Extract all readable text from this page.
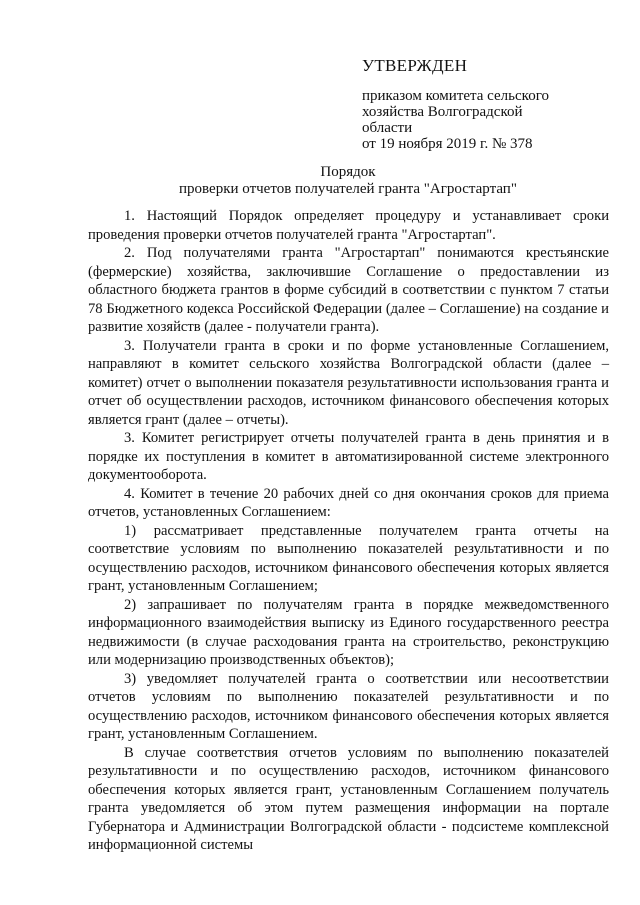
УТВЕРЖДЕН
приказом комитета сельского
хозяйства Волгоградской
области
от 19 ноября 2019 г. № 378
Порядок
проверки отчетов получателей гранта "Агростартап"

1. Настоящий Порядок определяет процедуру и устанавливает сроки проведения проверки отчетов получателей гранта "Агростартап".

2. Под получателями гранта "Агростартап" понимаются крестьянские (фермерские) хозяйства, заключившие Соглашение о предоставлении из областного бюджета грантов в форме субсидий в соответствии с пунктом 7 статьи 78 Бюджетного кодекса Российской Федерации (далее – Соглашение) на создание и развитие хозяйств (далее - получатели гранта).

3. Получатели гранта в сроки и по форме установленные Соглашением, направляют в комитет сельского хозяйства Волгоградской области (далее – комитет) отчет о выполнении показателя результативности использования гранта и отчет об осуществлении расходов, источником финансового обеспечения которых является грант (далее – отчеты).

3. Комитет регистрирует отчеты получателей гранта в день принятия и в порядке их поступления в комитет в автоматизированной системе электронного документооборота.

4. Комитет в течение 20 рабочих дней со дня окончания сроков для приема отчетов, установленных Соглашением:

1) рассматривает представленные получателем гранта отчеты на соответствие условиям по выполнению показателей результативности и по осуществлению расходов, источником финансового обеспечения которых является грант, установленным Соглашением;

2) запрашивает по получателям гранта в порядке межведомственного информационного взаимодействия выписку из Единого государственного реестра недвижимости (в случае расходования гранта на строительство, реконструкцию или модернизацию производственных объектов);

3) уведомляет получателей гранта о соответствии или несоответствии отчетов условиям по выполнению показателей результативности и по осуществлению расходов, источником финансового обеспечения которых является грант, установленным Соглашением.

В случае соответствия отчетов условиям по выполнению показателей результативности и по осуществлению расходов, источником финансового обеспечения которых является грант, установленным Соглашением получатель гранта уведомляется об этом путем размещения информации на портале Губернатора и Администрации Волгоградской области - подсистеме комплексной информационной системы
